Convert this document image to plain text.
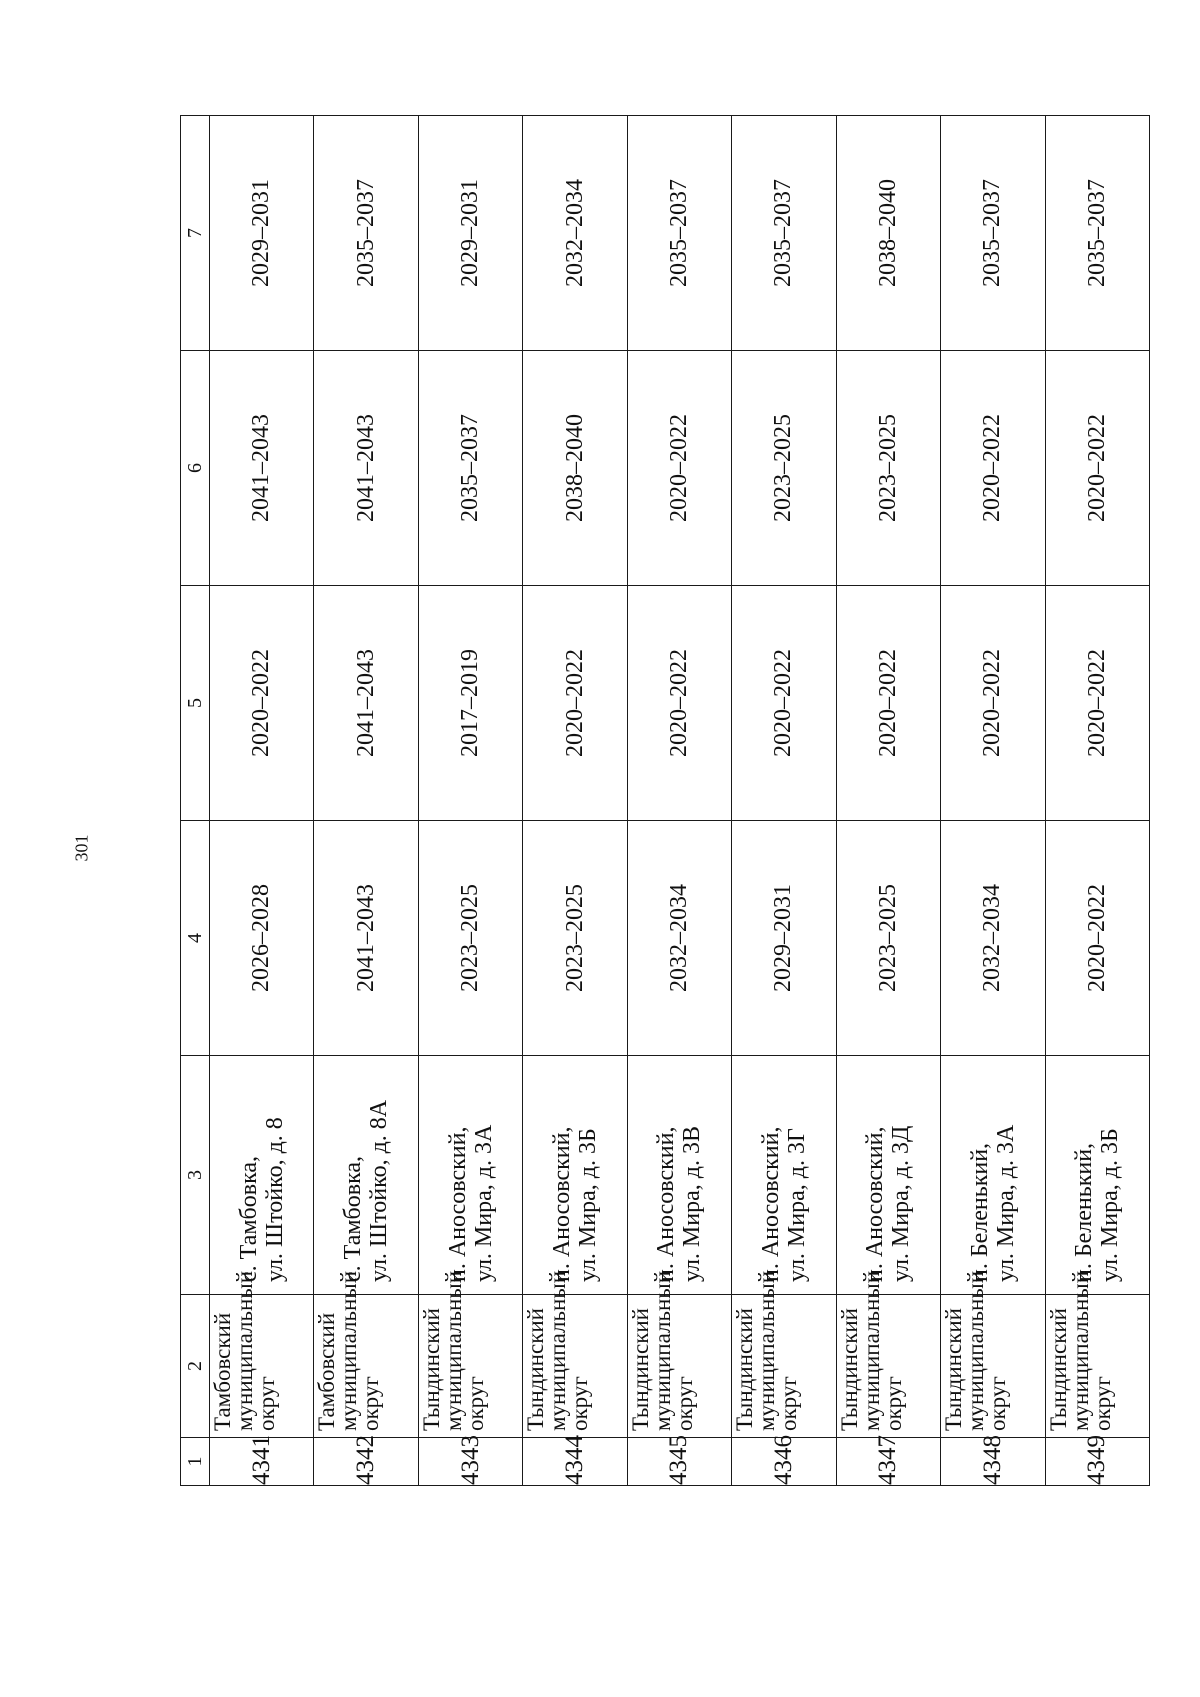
301
1	2	3	4	5	6	7
4341	Тамбовский
муниципальный
округ	с. Тамбовка, ул. Штойко, д. 8	2026–2028	2020–2022	2041–2043	2029–2031
4342	Тамбовский
муниципальный
округ	с. Тамбовка, ул. Штойко, д. 8А	2041–2043	2041–2043	2041–2043	2035–2037
4343	Тындинский
муниципальный
округ	п. Аносовский, ул. Мира, д. 3А	2023–2025	2017–2019	2035–2037	2029–2031
4344	Тындинский
муниципальный
округ	п. Аносовский, ул. Мира, д. 3Б	2023–2025	2020–2022	2038–2040	2032–2034
4345	Тындинский
муниципальный
округ	п. Аносовский, ул. Мира, д. 3В	2032–2034	2020–2022	2020–2022	2035–2037
4346	Тындинский
муниципальный
округ	п. Аносовский, ул. Мира, д. 3Г	2029–2031	2020–2022	2023–2025	2035–2037
4347	Тындинский
муниципальный
округ	п. Аносовский, ул. Мира, д. 3Д	2023–2025	2020–2022	2023–2025	2038–2040
4348	Тындинский
муниципальный
округ	п. Беленький, ул. Мира, д. 3А	2032–2034	2020–2022	2020–2022	2035–2037
4349	Тындинский
муниципальный
округ	п. Беленький, ул. Мира, д. 3Б	2020–2022	2020–2022	2020–2022	2035–2037
